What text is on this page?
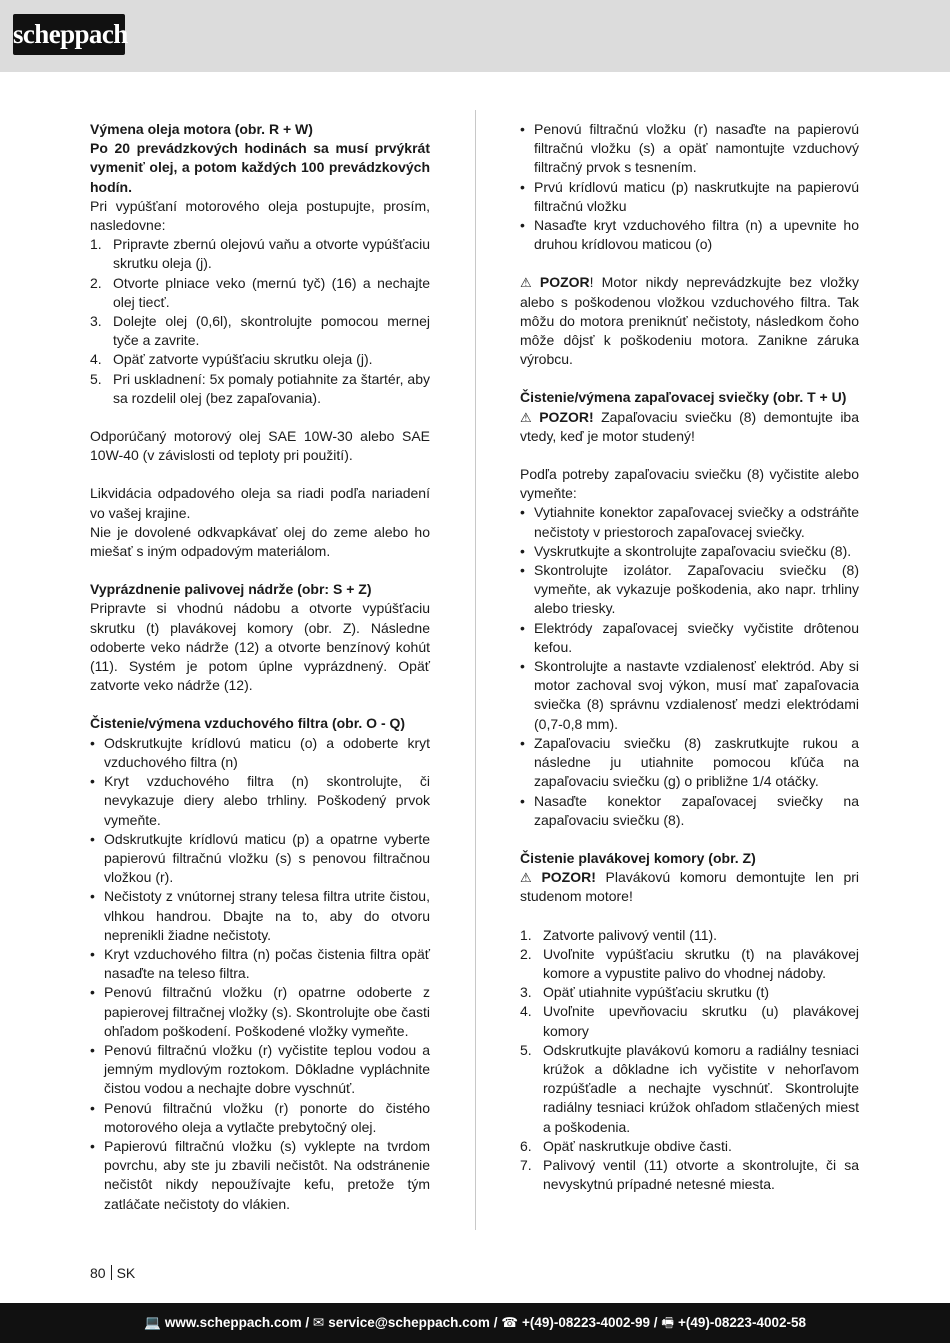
scheppach

Výmena oleja motora (obr. R + W)

Po 20 prevádzkových hodinách sa musí prvýkrát vymeniť olej, a potom každých 100 prevádzkových hodín.

Pri vypúšťaní motorového oleja postupujte, prosím, nasledovne:

1. Pripravte zbernú olejovú vaňu a otvorte vypúšťaciu skrutku oleja (j).
2. Otvorte plniace veko (mernú tyč) (16) a nechajte olej tiecť.
3. Dolejte olej (0,6l), skontrolujte pomocou mernej tyče a zavrite.
4. Opäť zatvorte vypúšťaciu skrutku oleja (j).
5. Pri uskladnení: 5x pomaly potiahnite za štartér, aby sa rozdelil olej (bez zapaľovania).

Odporúčaný motorový olej SAE 10W-30 alebo SAE 10W-40 (v závislosti od teploty pri použití).

Likvidácia odpadového oleja sa riadi podľa nariadení vo vašej krajine.

Nie je dovolené odkvapkávať olej do zeme alebo ho miešať s iným odpadovým materiálom.

Vyprázdnenie palivovej nádrže (obr: S + Z)

Pripravte si vhodnú nádobu a otvorte vypúšťaciu skrutku (t) plavákovej komory (obr. Z). Následne odoberte veko nádrže (12) a otvorte benzínový kohút (11). Systém je potom úplne vyprázdnený. Opäť zatvorte veko nádrže (12).

Čistenie/výmena vzduchového filtra (obr. O - Q)

• Odskrutkujte krídlovú maticu (o) a odoberte kryt vzduchového filtra (n)
• Kryt vzduchového filtra (n) skontrolujte, či nevykazuje diery alebo trhliny. Poškodený prvok vymeňte.
• Odskrutkujte krídlovú maticu (p) a opatrne vyberte papierovú filtračnú vložku (s) s penovou filtračnou vložkou (r).
• Nečistoty z vnútornej strany telesa filtra utrite čistou, vlhkou handrou. Dbajte na to, aby do otvoru neprenikli žiadne nečistoty.
• Kryt vzduchového filtra (n) počas čistenia filtra opäť nasaďte na teleso filtra.
• Penovú filtračnú vložku (r) opatrne odoberte z papierovej filtračnej vložky (s). Skontrolujte obe časti ohľadom poškodení. Poškodené vložky vymeňte.
• Penovú filtračnú vložku (r) vyčistite teplou vodou a jemným mydlovým roztokom. Dôkladne vypláchnite čistou vodou a nechajte dobre vyschnúť.
• Penovú filtračnú vložku (r) ponorte do čistého motorového oleja a vytlačte prebytočný olej.
• Papierovú filtračnú vložku (s) vyklepte na tvrdom povrchu, aby ste ju zbavili nečistôt. Na odstránenie nečistôt nikdy nepoužívajte kefu, pretože tým zatláčate nečistoty do vlákien.
• Penovú filtračnú vložku (r) nasaďte na papierovú filtračnú vložku (s) a opäť namontujte vzduchový filtračný prvok s tesnením.
• Prvú krídlovú maticu (p) naskrutkujte na papierovú filtračnú vložku
• Nasaďte kryt vzduchového filtra (n) a upevnite ho druhou krídlovou maticou (o)

⚠ POZOR! Motor nikdy neprevádzkujte bez vložky alebo s poškodenou vložkou vzduchového filtra. Tak môžu do motora preniknúť nečistoty, následkom čoho môže dôjsť k poškodeniu motora. Zanikne záruka výrobcu.

Čistenie/výmena zapaľovacej sviečky (obr. T + U)

⚠ POZOR! Zapaľovaciu sviečku (8) demontujte iba vtedy, keď je motor studený!

Podľa potreby zapaľovaciu sviečku (8) vyčistite alebo vymeňte:

• Vytiahnite konektor zapaľovacej sviečky a odstráňte nečistoty v priestoroch zapaľovacej sviečky.
• Vyskrutkujte a skontrolujte zapaľovaciu sviečku (8).
• Skontrolujte izolátor. Zapaľovaciu sviečku (8) vymeňte, ak vykazuje poškodenia, ako napr. trhliny alebo triesky.
• Elektródy zapaľovacej sviečky vyčistite drôtenou kefou.
• Skontrolujte a nastavte vzdialenosť elektród. Aby si motor zachoval svoj výkon, musí mať zapaľovacia sviečka (8) správnu vzdialenosť medzi elektródami (0,7-0,8 mm).
• Zapaľovaciu sviečku (8) zaskrutkujte rukou a následne ju utiahnite pomocou kľúča na zapaľovaciu sviečku (g) o približne 1/4 otáčky.
• Nasaďte konektor zapaľovacej sviečky na zapaľovaciu sviečku (8).

Čistenie plavákovej komory (obr. Z)

⚠ POZOR! Plavákovú komoru demontujte len pri studenom motore!

1. Zatvorte palivový ventil (11).
2. Uvoľnite vypúšťaciu skrutku (t) na plavákovej komore a vypustite palivo do vhodnej nádoby.
3. Opäť utiahnite vypúšťaciu skrutku (t)
4. Uvoľnite upevňovaciu skrutku (u) plavákovej komory
5. Odskrutkujte plavákovú komoru a radiálny tesniaci krúžok a dôkladne ich vyčistite v nehorľavom rozpúšťadle a nechajte vyschnúť. Skontrolujte radiálny tesniaci krúžok ohľadom stlačených miest a poškodenia.
6. Opäť naskrutkuje obdive časti.
7. Palivový ventil (11) otvorte a skontrolujte, či sa nevyskytnú prípadné netesné miesta.
80 SK
💻 www.scheppach.com / ✉ service@scheppach.com / ☎ +(49)-08223-4002-99 / 🖷 +(49)-08223-4002-58
